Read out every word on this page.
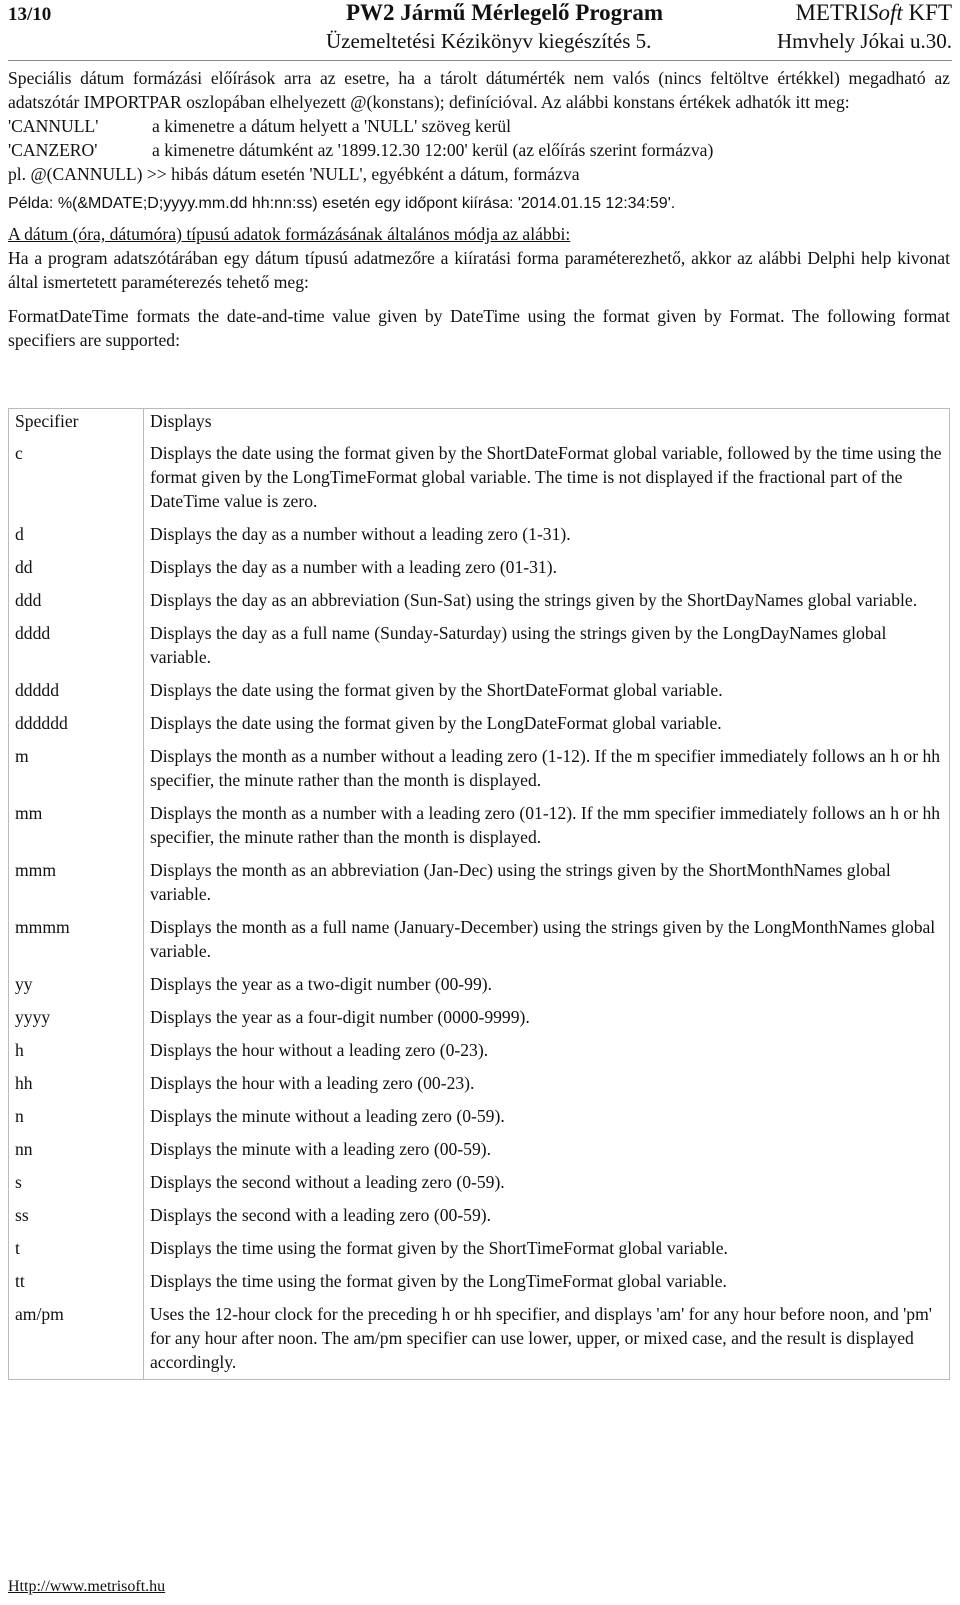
13/10	PW2 Jármű Mérlegelő Program	METRISoft KFT
Üzemeltetési Kézikönyv kiegészítés 5.	Hmvhely Jókai u.30.

Speciális dátum formázási előírások arra az esetre, ha a tárolt dátumérték nem valós (nincs feltöltve értékkel) megadható az adatszótár IMPORTPAR oszlopában elhelyezett @(konstans); definícióval. Az alábbi konstans értékek adhatók itt meg:

'CANNULL'	a kimenetre a dátum helyett a 'NULL' szöveg kerül
'CANZERO'	a kimenetre dátumként az '1899.12.30 12:00' kerül (az előírás szerint formázva)

pl. @(CANNULL) >> hibás dátum esetén 'NULL', egyébként a dátum, formázva

Példa: %(&MDATE;D;yyyy.mm.dd hh:nn:ss) esetén egy időpont kiírása: '2014.01.15 12:34:59'.

A dátum (óra, dátumóra) típusú adatok formázásának általános módja az alábbi:

Ha a program adatszótárában egy dátum típusú adatmezőre a kiíratási forma paraméterezhető, akkor az alábbi Delphi help kivonat által ismertetett paraméterezés tehető meg:

FormatDateTime formats the date-and-time value given by DateTime using the format given by Format. The following format specifiers are supported:

Specifier	Displays
c	Displays the date using the format given by the ShortDateFormat global variable, followed by the time using the format given by the LongTimeFormat global variable. The time is not displayed if the fractional part of the DateTime value is zero.
d	Displays the day as a number without a leading zero (1-31).
dd	Displays the day as a number with a leading zero (01-31).
ddd	Displays the day as an abbreviation (Sun-Sat) using the strings given by the ShortDayNames global variable.
dddd	Displays the day as a full name (Sunday-Saturday) using the strings given by the LongDayNames global variable.
ddddd	Displays the date using the format given by the ShortDateFormat global variable.
dddddd	Displays the date using the format given by the LongDateFormat global variable.
m	Displays the month as a number without a leading zero (1-12). If the m specifier immediately follows an h or hh specifier, the minute rather than the month is displayed.
mm	Displays the month as a number with a leading zero (01-12). If the mm specifier immediately follows an h or hh specifier, the minute rather than the month is displayed.
mmm	Displays the month as an abbreviation (Jan-Dec) using the strings given by the ShortMonthNames global variable.
mmmm	Displays the month as a full name (January-December) using the strings given by the LongMonthNames global variable.
yy	Displays the year as a two-digit number (00-99).
yyyy	Displays the year as a four-digit number (0000-9999).
h	Displays the hour without a leading zero (0-23).
hh	Displays the hour with a leading zero (00-23).
n	Displays the minute without a leading zero (0-59).
nn	Displays the minute with a leading zero (00-59).
s	Displays the second without a leading zero (0-59).
ss	Displays the second with a leading zero (00-59).
t	Displays the time using the format given by the ShortTimeFormat global variable.
tt	Displays the time using the format given by the LongTimeFormat global variable.
am/pm	Uses the 12-hour clock for the preceding h or hh specifier, and displays 'am' for any hour before noon, and 'pm' for any hour after noon. The am/pm specifier can use lower, upper, or mixed case, and the result is displayed accordingly.
Http://www.metrisoft.hu
